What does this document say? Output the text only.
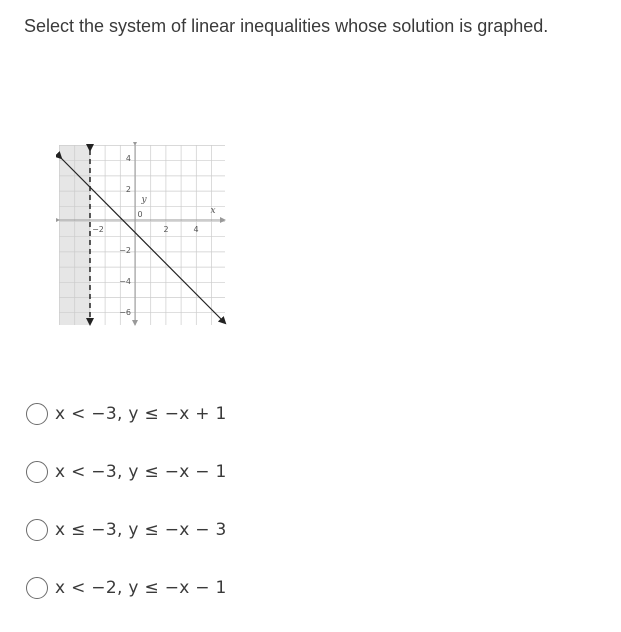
Select the system of linear inequalities whose solution is graphed.

−2	2	4
4
2
−2
−4
−6
0	x
y
x < −3, y ≤ −x + 1
x < −3, y ≤ −x − 1
x ≤ −3, y ≤ −x − 3
x < −2, y ≤ −x − 1
